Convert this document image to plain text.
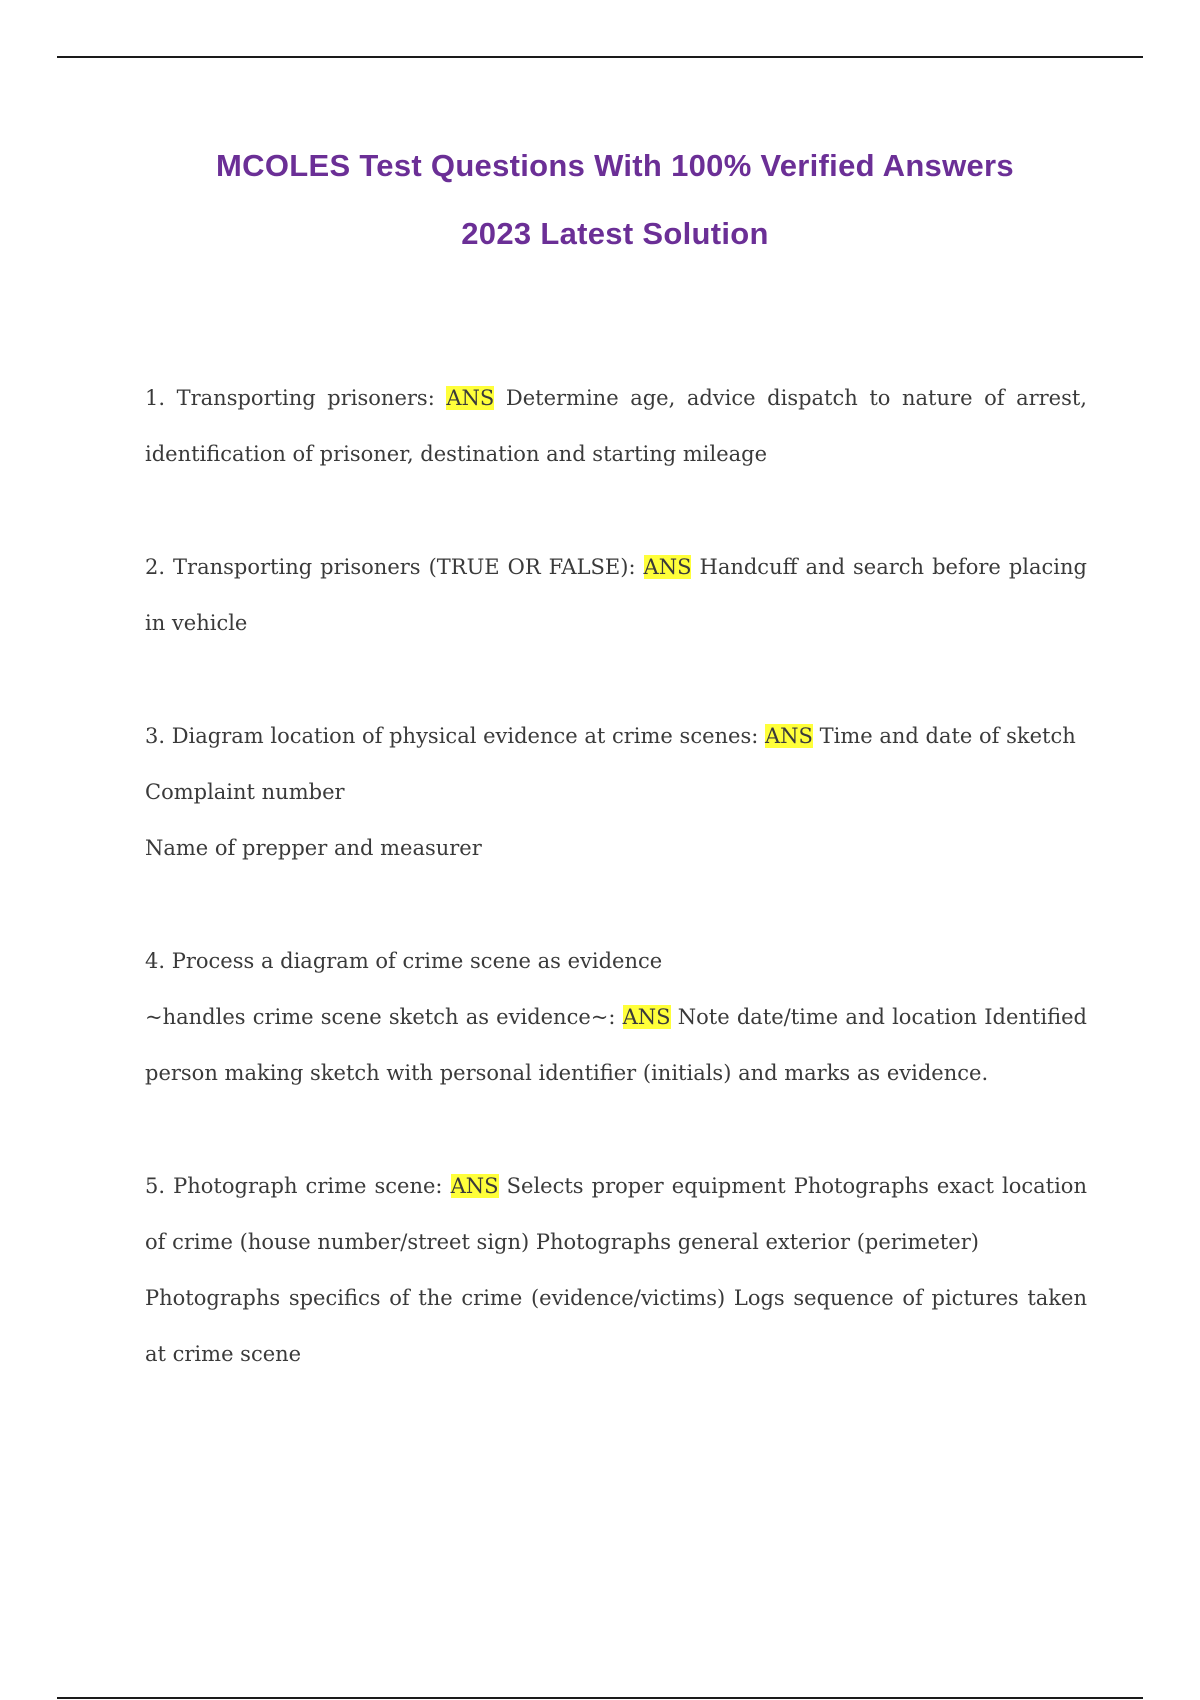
MCOLES Test Questions With 100% Verified Answers
2023 Latest Solution

1. Transporting prisoners: ANS Determine age, advice dispatch to nature of arrest, identification of prisoner, destination and starting mileage

2. Transporting prisoners (TRUE OR FALSE): ANS Handcuff and search before placing in vehicle

3. Diagram location of physical evidence at crime scenes: ANS Time and date of sketch

Complaint number

Name of prepper and measurer

4. Process a diagram of crime scene as evidence

~handles crime scene sketch as evidence~: ANS Note date/time and location Identified person making sketch with personal identifier (initials) and marks as evidence.

5. Photograph crime scene: ANS Selects proper equipment Photographs exact location of crime (house number/street sign) Photographs general exterior (perimeter)

Photographs specifics of the crime (evidence/victims) Logs sequence of pictures taken at crime scene
